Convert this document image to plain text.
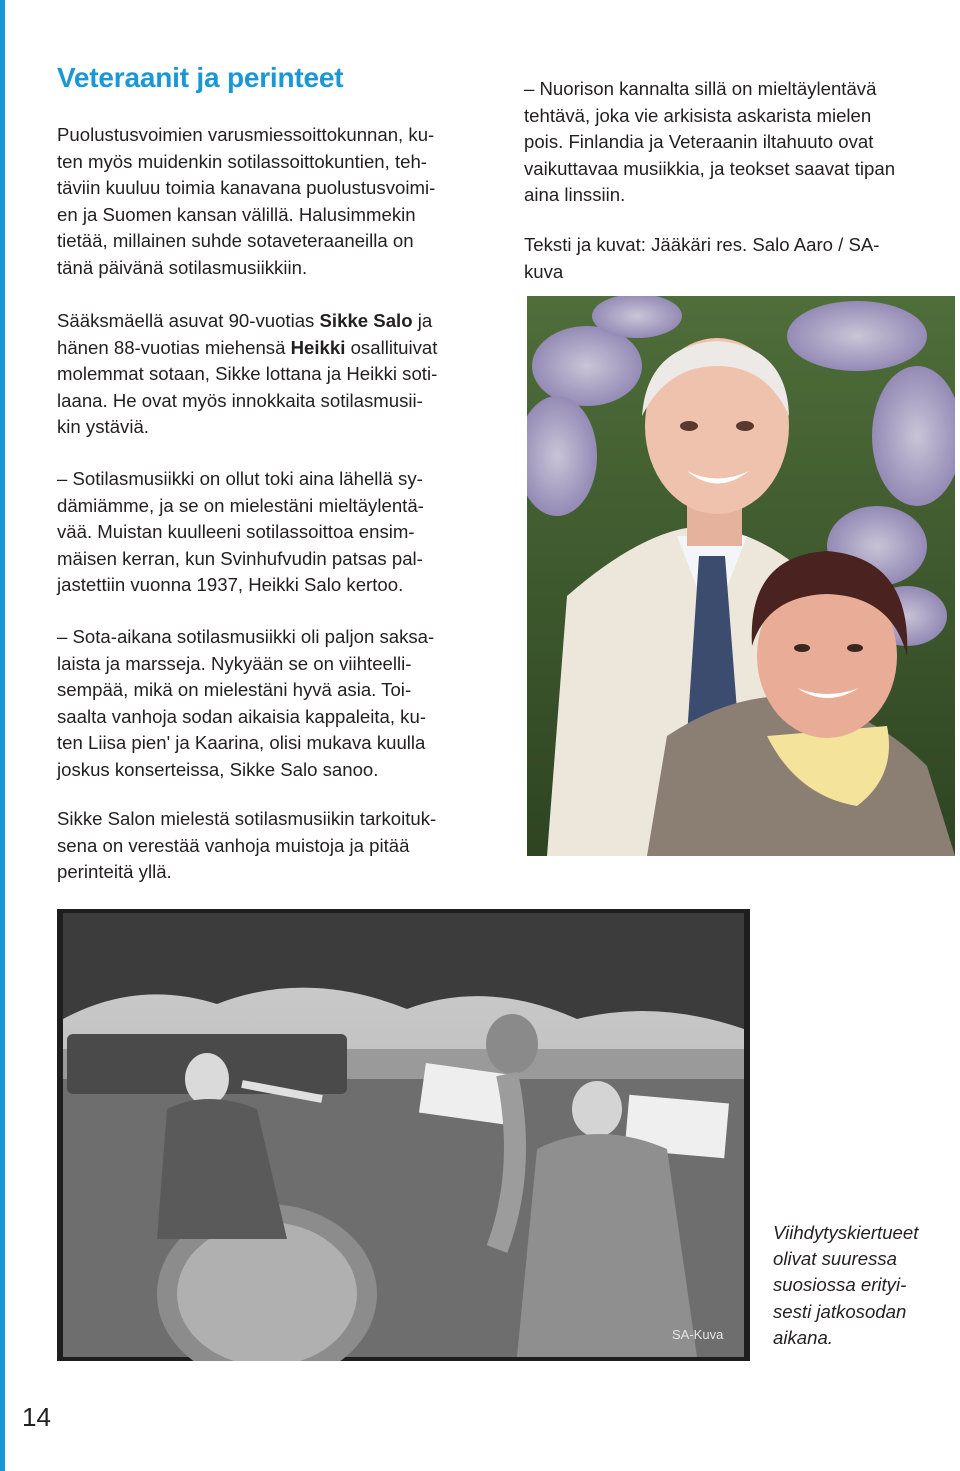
Veteraanit ja perinteet

Puolustusvoimien varusmiessoittokunnan, ku-
ten myös muidenkin sotilassoittokuntien, teh-
täviin kuuluu toimia kanavana puolustusvoimi-
en ja Suomen kansan välillä. Halusimmekin
tietää, millainen suhde sotaveteraaneilla on
tänä päivänä sotilasmusiikkiin.

Sääksmäellä asuvat 90-vuotias Sikke Salo ja
hänen 88-vuotias miehensä Heikki osallituivat
molemmat sotaan, Sikke lottana ja Heikki soti-
laana. He ovat myös innokkaita sotilasmusii-
kin ystäviä.

– Sotilasmusiikki on ollut toki aina lähellä sy-
dämiämme, ja se on mielestäni mieltäylentä-
vää. Muistan kuulleeni sotilassoittoa ensim-
mäisen kerran, kun Svinhufvudin patsas pal-
jastettiin vuonna 1937, Heikki Salo kertoo.

– Sota-aikana sotilasmusiikki oli paljon saksa-
laista ja marsseja. Nykyään se on viihteelli-
sempää, mikä on mielestäni hyvä asia. Toi-
saalta vanhoja sodan aikaisia kappaleita, ku-
ten Liisa pien' ja Kaarina, olisi mukava kuulla
joskus konserteissa, Sikke Salo sanoo.

Sikke Salon mielestä sotilasmusiikin tarkoituk-
sena on verestää vanhoja muistoja ja pitää
perinteitä yllä.

– Nuorison kannalta sillä on mieltäylentävä
tehtävä, joka vie arkisista askarista mielen
pois. Finlandia ja Veteraanin iltahuuto ovat
vaikuttavaa musiikkia, ja teokset saavat tipan
aina linssiin.

Teksti ja kuvat: Jääkäri res. Salo Aaro / SA-
kuva

SA-Kuva
Viihdytyskiertueet
olivat suuressa
suosiossa erityi-
sesti jatkosodan
aikana.
14
